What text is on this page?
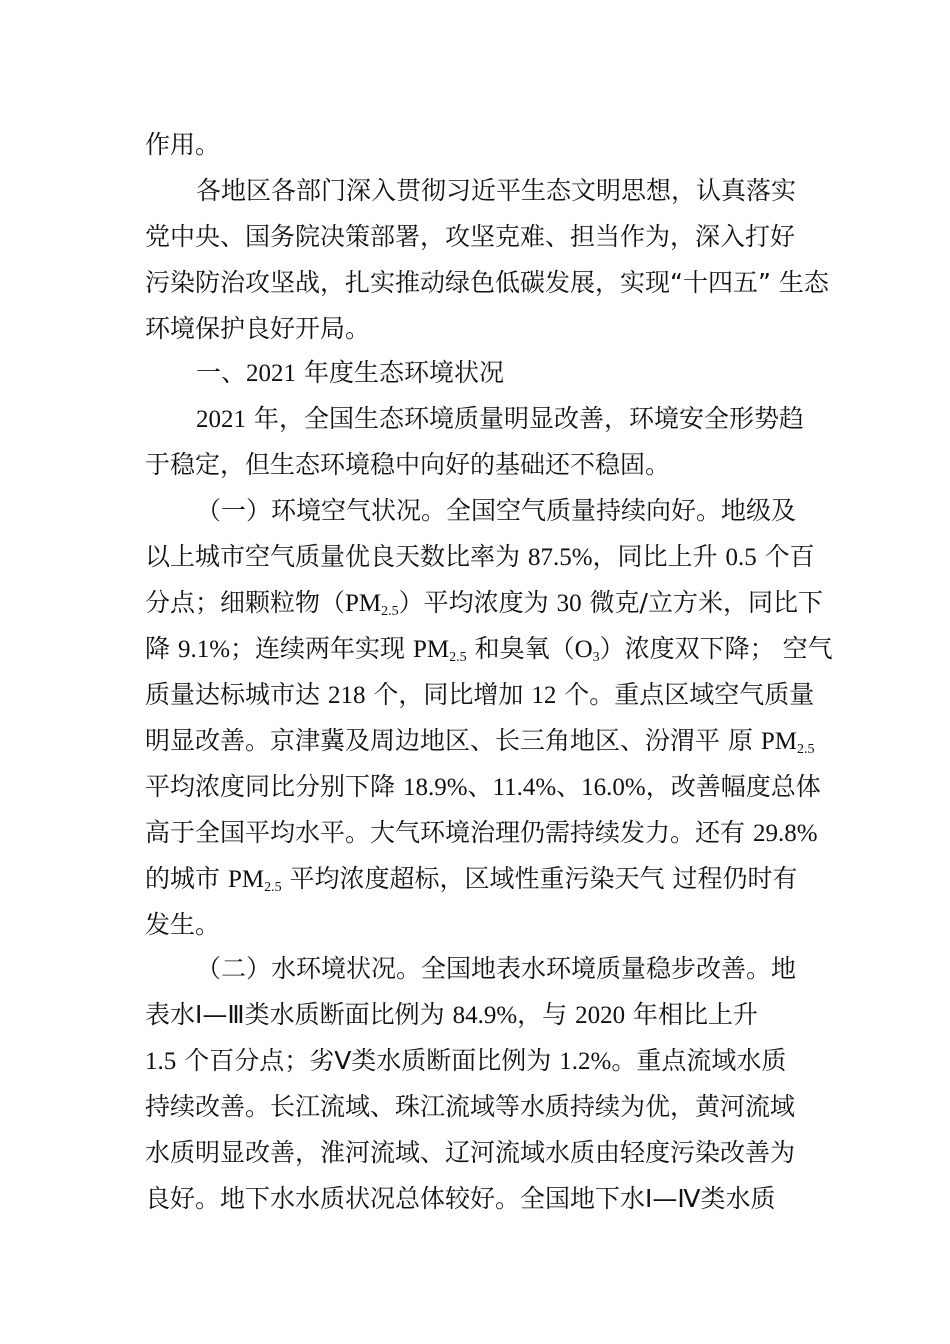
作用。
各地区各部门深入贯彻习近平生态文明思想，认真落实
党中央、国务院决策部署，攻坚克难、担当作为，深入打好
污染防治攻坚战，扎实推动绿色低碳发展，实现“十四五” 生态
环境保护良好开局。
一、2021 年度生态环境状况
2021 年，全国生态环境质量明显改善，环境安全形势趋
于稳定，但生态环境稳中向好的基础还不稳固。
（一）环境空气状况。全国空气质量持续向好。地级及
以上城市空气质量优良天数比率为 87.5%，同比上升 0.5 个百
分点；细颗粒物$(PM_{2.5})$平均浓度为 30 微克/立方米，同比下
降 9.1%；连续两年实现 $PM_{2.5}$ 和臭氧$(O_3)$浓度双下降； 空气
质量达标城市达 218 个，同比增加 12 个。重点区域空气质量
明显改善。京津冀及周边地区、长三角地区、汾渭平 原 $PM_{2.5}$
平均浓度同比分别下降 18.9%、11.4%、16.0%，改善幅度总体
高于全国平均水平。大气环境治理仍需持续发力。还有 29.8%
的城市 $PM_{2.5}$ 平均浓度超标，区域性重污染天气 过程仍时有
发生。
（二）水环境状况。全国地表水环境质量稳步改善。地
表水Ⅰ—Ⅲ类水质断面比例为 84.9%，与 2020 年相比上升
1.5 个百分点；劣Ⅴ类水质断面比例为 1.2%。重点流域水质
持续改善。长江流域、珠江流域等水质持续为优，黄河流域
水质明显改善，淮河流域、辽河流域水质由轻度污染改善为
良好。地下水水质状况总体较好。全国地下水Ⅰ—Ⅳ类水质
